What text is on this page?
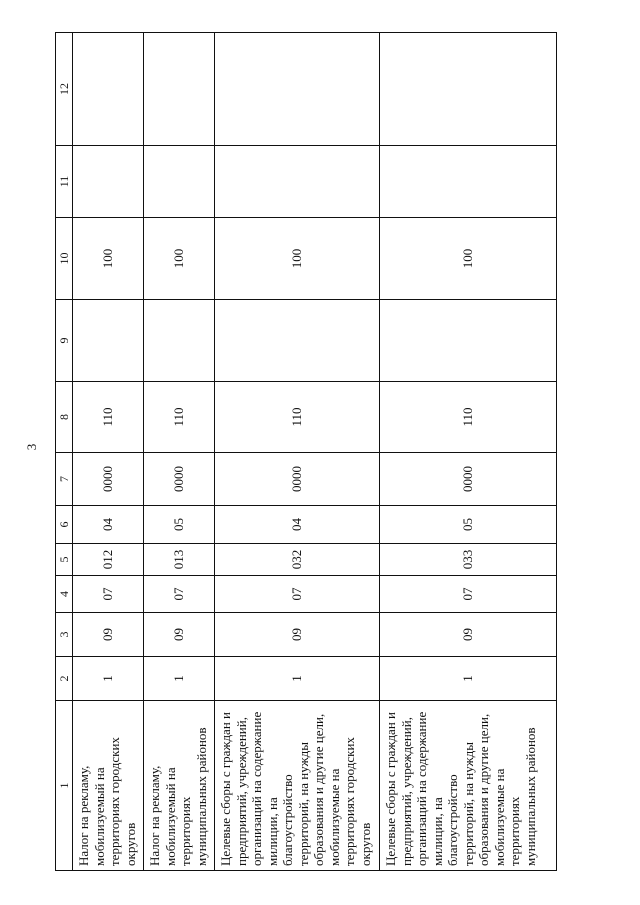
3
1	2	3	4	5	6	7	8	9	10	11	12
Налог на рекламу, мобилизуемый на территориях городских округов	1	09	07	012	04	0000	110		100		
Налог на рекламу, мобилизуемый на территориях муниципальных районов	1	09	07	013	05	0000	110		100		
Целевые сборы с граждан и предприятий, учреждений, организаций на содержание милиции, на благоустройство территорий, на нужды образования и другие цели, мобилизуемые на территориях городских округов	1	09	07	032	04	0000	110		100		
Целевые сборы с граждан и предприятий, учреждений, организаций на содержание милиции, на благоустройство территорий, на нужды образования и другие цели, мобилизуемые на территориях муниципальных районов	1	09	07	033	05	0000	110		100		
